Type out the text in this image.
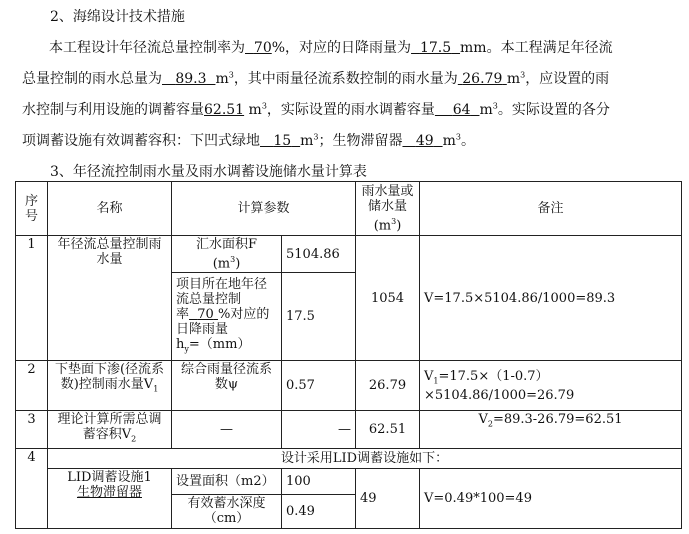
2、海绵设计技术措施
本工程设计年径流总量控制率为 70%，对应的日降雨量为 17.5 mm。本工程满足年径流
总量控制的雨水总量为 89.3 $m^3$，其中雨量径流系数控制的雨水量为 26.79 $m^3$，应设置的雨
水控制与利用设施的调蓄容量62.51 $m^3$，实际设置的雨水调蓄容量 64 $m^3$。实际设置的各分
项调蓄设施有效调蓄容积：下凹式绿地 15 $m^3$；生物滞留器 49 $m^3$。
3、年径流控制雨水量及雨水调蓄设施储水量计算表
序号	名称	计算参数		雨水量或储水量$(m^3)$	备注
1	年径流总量控制雨水量	汇水面积F
$(m^3)$	5104.86	1054	V=17.5×5104.86/1000=89.3
		项目所在地年径流总量控制率 70 %对应的日降雨量
$h_y=(mm)$	17.5		
2	下垫面下渗(径流系数)控制雨水量$V_1$	综合雨量径流系数ψ	0.57	26.79	$V_1=17.5\times(1-0.7)\times 5104.86/1000=26.79$
3	理论计算所需总调蓄容积$V_2$	—	—	62.51	$V_2=89.3-26.79=62.51$
4	设计采用LID调蓄设施如下：				
	LID调蓄设施1
生物滞留器	设置面积（m2）	100	49	V=0.49*100=49
		有效蓄水深度（cm）	0.49		
